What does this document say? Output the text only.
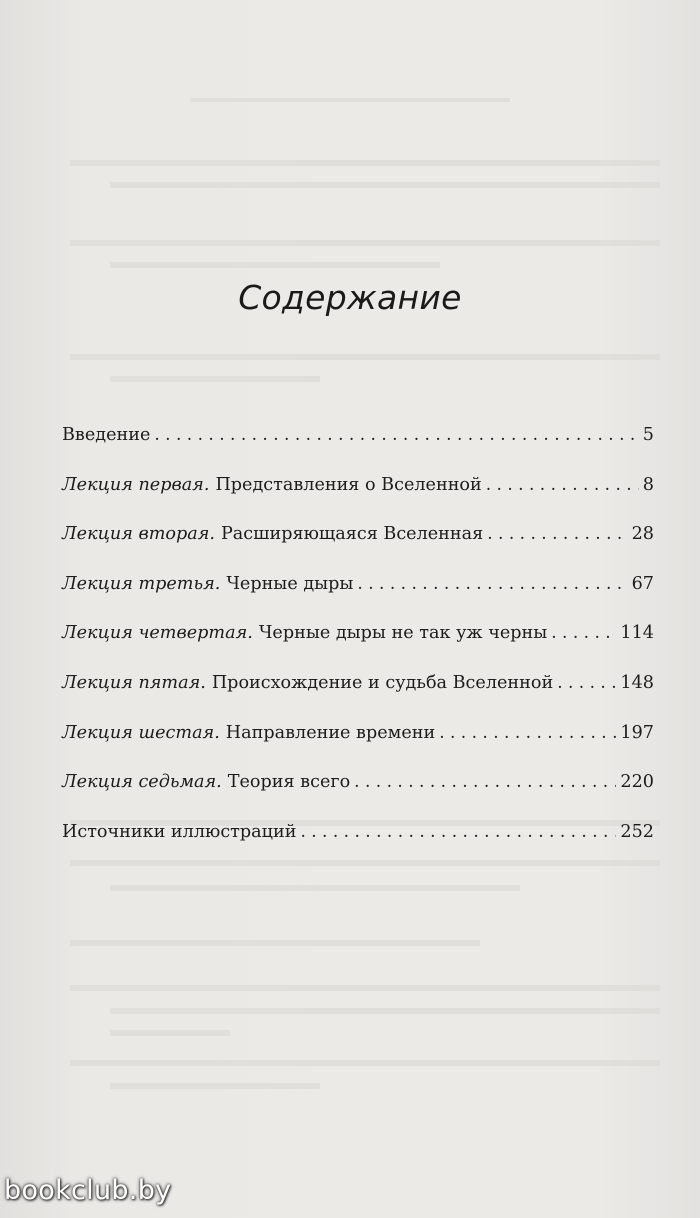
Содержание
Введение . . .	5
Лекция первая. Представления о Вселенной . . .	8
Лекция вторая. Расширяющаяся Вселенная . . .	28
Лекция третья. Черные дыры . . .	67
Лекция четвертая. Черные дыры не так уж черны . . .	114
Лекция пятая. Происхождение и судьба Вселенной . . .	148
Лекция шестая. Направление времени . . .	197
Лекция седьмая. Теория всего . . .	220
Источники иллюстраций . . .	252
bookclub.by
